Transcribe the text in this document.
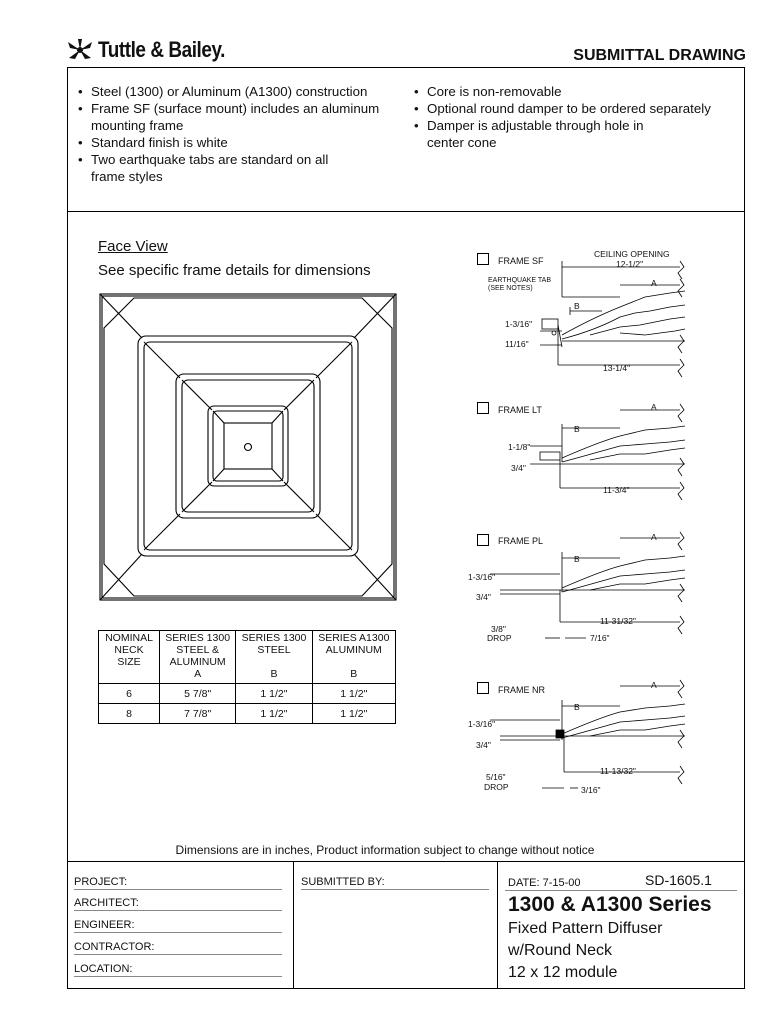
Tuttle & Bailey.	SUBMITTAL DRAWING
• Steel (1300) or Aluminum (A1300) construction
• Frame SF (surface mount) includes an aluminum mounting frame
• Standard finish is white
• Two earthquake tabs are standard on all frame styles
• Core is non-removable
• Optional round damper to be ordered separately
• Damper is adjustable through hole in center cone
Face View
See specific frame details for dimensions
NOMINAL
NECK
SIZE	SERIES 1300
STEEL &
ALUMINUM
A	SERIES 1300
STEEL

B	SERIES A1300
ALUMINUM

B
6	5 7/8"	1 1/2"	1 1/2"
8	7 7/8"	1 1/2"	1 1/2"
FRAME SF
CEILING OPENING
12-1/2"
EARTHQUAKE TAB
(SEE NOTES)
A
B
1-3/16"
11/16"
13-1/4"
FRAME LT	A
B
1-1/8"
3/4"
11-3/4"
FRAME PL	A
B
1-3/16"
3/4"
11-31/32"
3/8"
DROP	7/16"
FRAME NR	A
B
1-3/16"
3/4"
11-13/32"
5/16"
DROP	3/16"
Dimensions are in inches, Product information subject to change without notice
PROJECT:
ARCHITECT:
ENGINEER:
CONTRACTOR:
LOCATION:
SUBMITTED BY:	DATE: 7-15-00	SD-1605.1
1300 & A1300 Series
Fixed Pattern Diffuser
w/Round Neck
12 x 12 module
